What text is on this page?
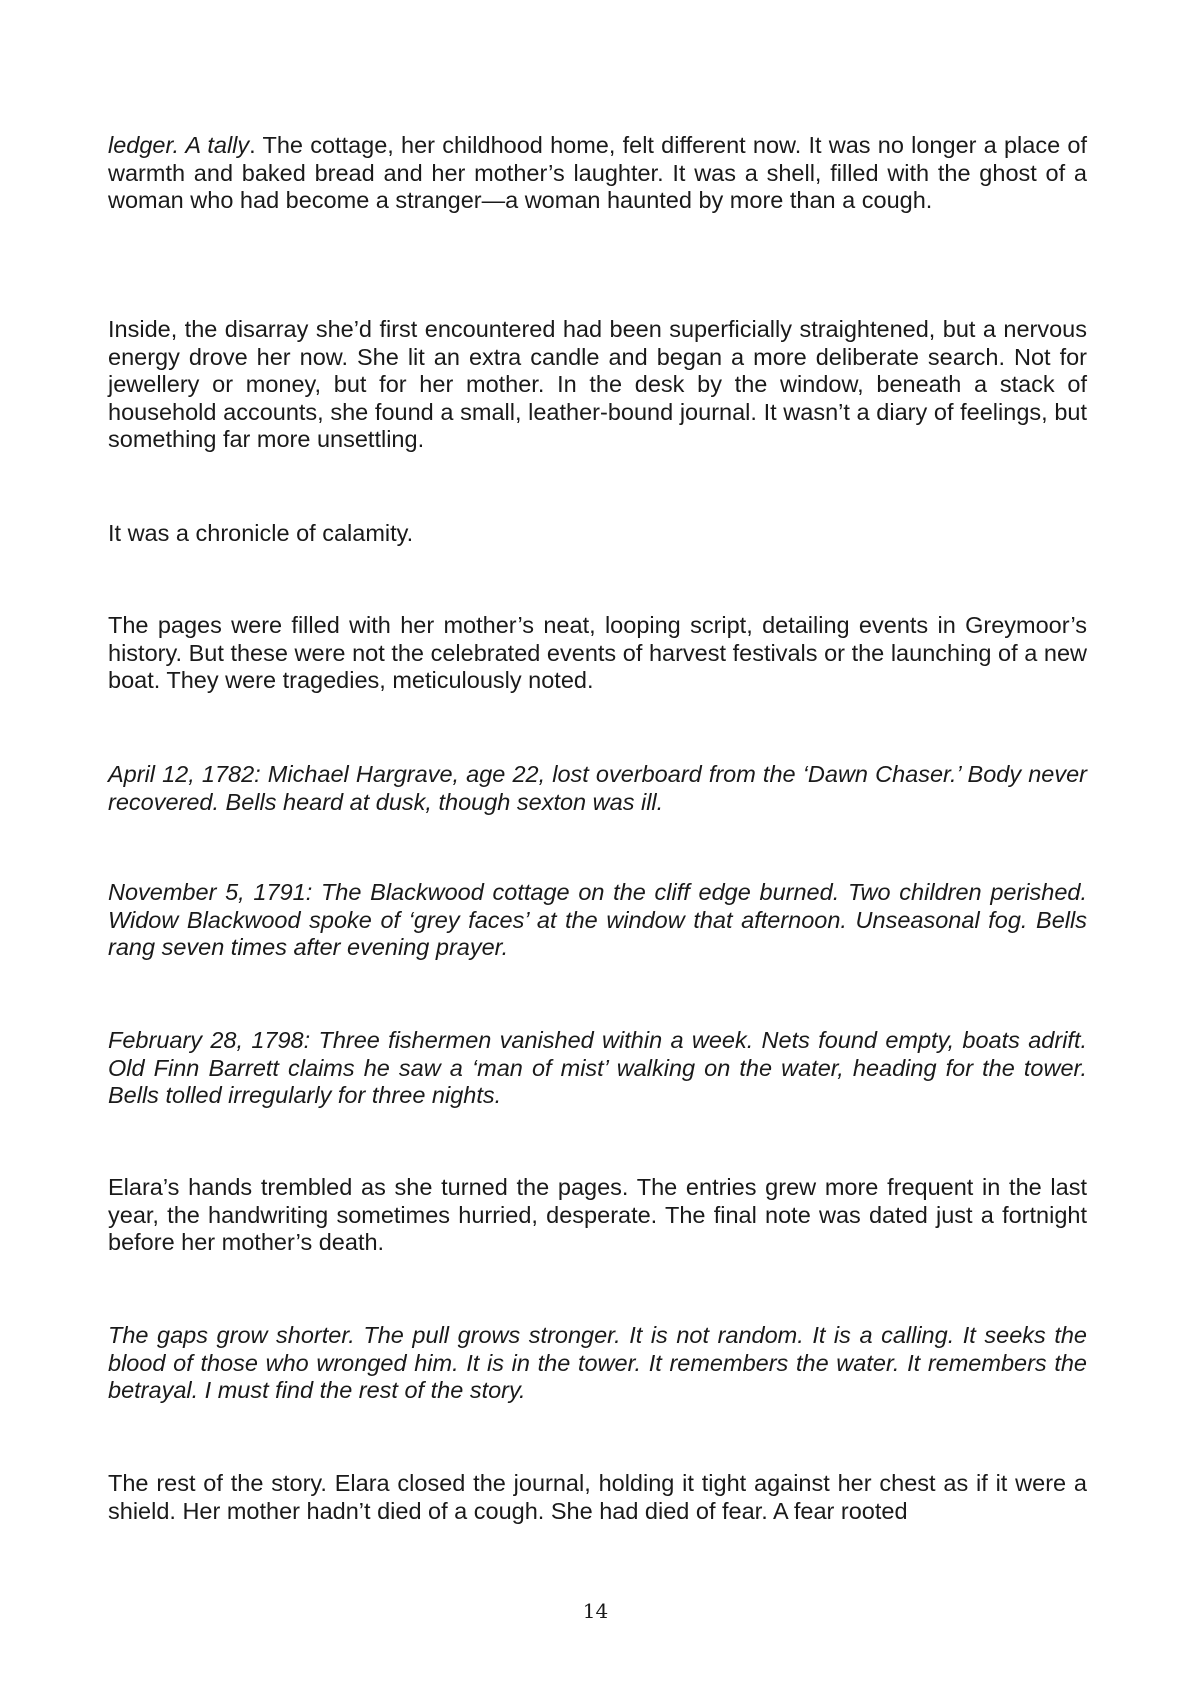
ledger. A tally. The cottage, her childhood home, felt different now. It was no longer a place of warmth and baked bread and her mother’s laughter. It was a shell, filled with the ghost of a woman who had become a stranger—a woman haunted by more than a cough.

Inside, the disarray she’d first encountered had been superficially straightened, but a nervous energy drove her now. She lit an extra candle and began a more deliberate search. Not for jewellery or money, but for her mother. In the desk by the window, beneath a stack of household accounts, she found a small, leather-bound journal. It wasn’t a diary of feelings, but something far more unsettling.

It was a chronicle of calamity.

The pages were filled with her mother’s neat, looping script, detailing events in Greymoor’s history. But these were not the celebrated events of harvest festivals or the launching of a new boat. They were tragedies, meticulously noted.

April 12, 1782: Michael Hargrave, age 22, lost overboard from the ‘Dawn Chaser.’ Body never recovered. Bells heard at dusk, though sexton was ill.

November 5, 1791: The Blackwood cottage on the cliff edge burned. Two children perished. Widow Blackwood spoke of ‘grey faces’ at the window that afternoon. Unseasonal fog. Bells rang seven times after evening prayer.

February 28, 1798: Three fishermen vanished within a week. Nets found empty, boats adrift. Old Finn Barrett claims he saw a ‘man of mist’ walking on the water, heading for the tower. Bells tolled irregularly for three nights.

Elara’s hands trembled as she turned the pages. The entries grew more frequent in the last year, the handwriting sometimes hurried, desperate. The final note was dated just a fortnight before her mother’s death.

The gaps grow shorter. The pull grows stronger. It is not random. It is a calling. It seeks the blood of those who wronged him. It is in the tower. It remembers the water. It remembers the betrayal. I must find the rest of the story.

The rest of the story. Elara closed the journal, holding it tight against her chest as if it were a shield. Her mother hadn’t died of a cough. She had died of fear. A fear rooted

14
